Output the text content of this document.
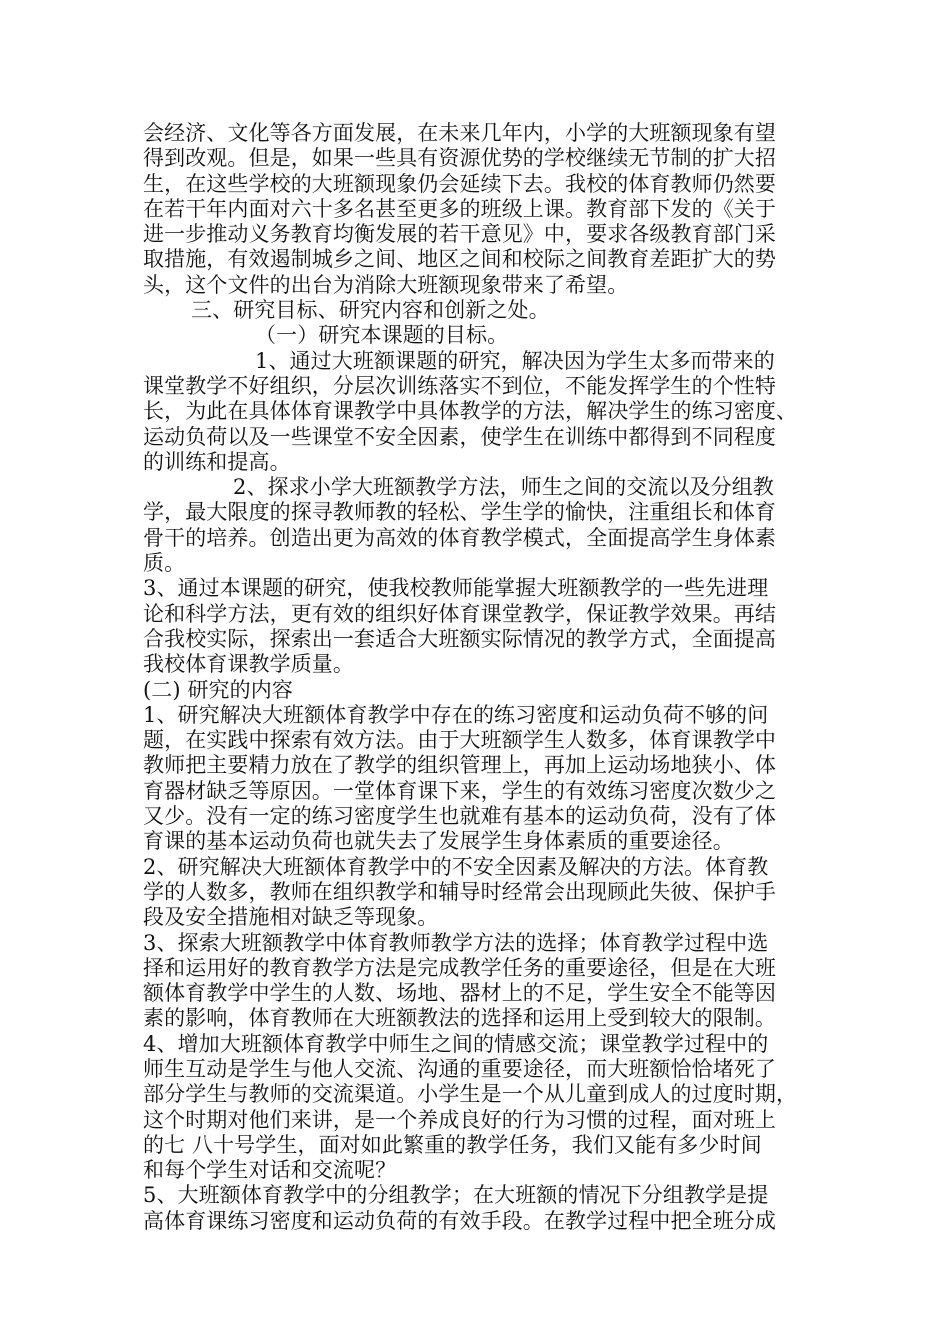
会经济、文化等各方面发展，在未来几年内，小学的大班额现象有望
得到改观。但是，如果一些具有资源优势的学校继续无节制的扩大招
生，在这些学校的大班额现象仍会延续下去。我校的体育教师仍然要
在若干年内面对六十多名甚至更多的班级上课。教育部下发的《关于
进一步推动义务教育均衡发展的若干意见》中，要求各级教育部门采
取措施，有效遏制城乡之间、地区之间和校际之间教育差距扩大的势
头，这个文件的出台为消除大班额现象带来了希望。
三、研究目标、研究内容和创新之处。
（一）研究本课题的目标。
1、通过大班额课题的研究，解决因为学生太多而带来的
课堂教学不好组织，分层次训练落实不到位，不能发挥学生的个性特
长，为此在具体体育课教学中具体教学的方法，解决学生的练习密度、
运动负荷以及一些课堂不安全因素，使学生在训练中都得到不同程度
的训练和提高。
2、探求小学大班额教学方法，师生之间的交流以及分组教
学，最大限度的探寻教师教的轻松、学生学的愉快，注重组长和体育
骨干的培养。创造出更为高效的体育教学模式，全面提高学生身体素
质。
3、通过本课题的研究，使我校教师能掌握大班额教学的一些先进理
论和科学方法，更有效的组织好体育课堂教学，保证教学效果。再结
合我校实际，探索出一套适合大班额实际情况的教学方式，全面提高
我校体育课教学质量。
(二) 研究的内容
1、研究解决大班额体育教学中存在的练习密度和运动负荷不够的问
题，在实践中探索有效方法。由于大班额学生人数多，体育课教学中
教师把主要精力放在了教学的组织管理上，再加上运动场地狭小、体
育器材缺乏等原因。一堂体育课下来，学生的有效练习密度次数少之
又少。没有一定的练习密度学生也就难有基本的运动负荷，没有了体
育课的基本运动负荷也就失去了发展学生身体素质的重要途径。
2、研究解决大班额体育教学中的不安全因素及解决的方法。体育教
学的人数多，教师在组织教学和辅导时经常会出现顾此失彼、保护手
段及安全措施相对缺乏等现象。
3、探索大班额教学中体育教师教学方法的选择；体育教学过程中选
择和运用好的教育教学方法是完成教学任务的重要途径，但是在大班
额体育教学中学生的人数、场地、器材上的不足，学生安全不能等因
素的影响，体育教师在大班额教法的选择和运用上受到较大的限制。
4、增加大班额体育教学中师生之间的情感交流；课堂教学过程中的
师生互动是学生与他人交流、沟通的重要途径，而大班额恰恰堵死了
部分学生与教师的交流渠道。小学生是一个从儿童到成人的过度时期，
这个时期对他们来讲，是一个养成良好的行为习惯的过程，面对班上
的七 八十号学生，面对如此繁重的教学任务，我们又能有多少时间
和每个学生对话和交流呢？
5、大班额体育教学中的分组教学；在大班额的情况下分组教学是提
高体育课练习密度和运动负荷的有效手段。在教学过程中把全班分成
